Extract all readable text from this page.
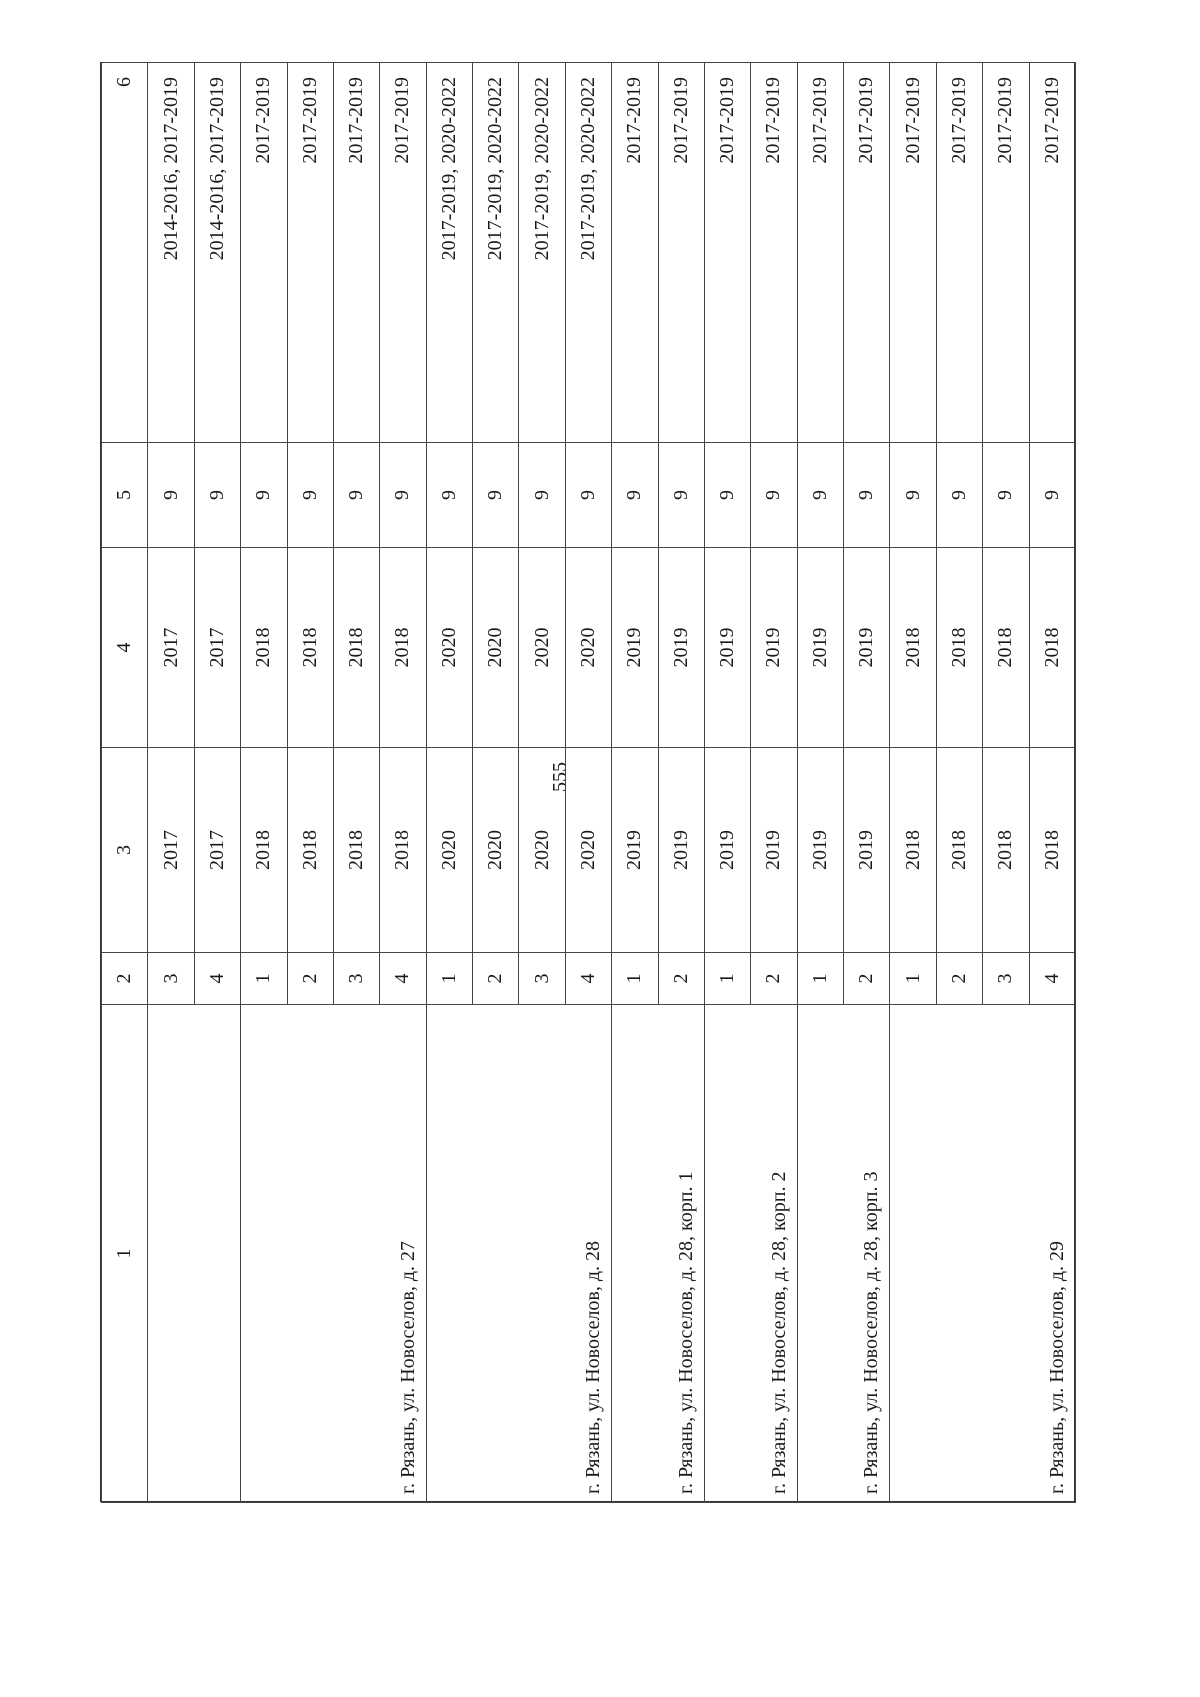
555
1	2	3	4	5	6
	3	2017	2017	9	2014-2016, 2017-2019
	4	2017	2017	9	2014-2016, 2017-2019
г. Рязань, ул. Новоселов, д. 27	1	2018	2018	9	2017-2019
	2	2018	2018	9	2017-2019
	3	2018	2018	9	2017-2019
	4	2018	2018	9	2017-2019
г. Рязань, ул. Новоселов, д. 28	1	2020	2020	9	2017-2019, 2020-2022
	2	2020	2020	9	2017-2019, 2020-2022
	3	2020	2020	9	2017-2019, 2020-2022
	4	2020	2020	9	2017-2019, 2020-2022
г. Рязань, ул. Новоселов, д. 28, корп. 1	1	2019	2019	9	2017-2019
	2	2019	2019	9	2017-2019
г. Рязань, ул. Новоселов, д. 28, корп. 2	1	2019	2019	9	2017-2019
	2	2019	2019	9	2017-2019
г. Рязань, ул. Новоселов, д. 28, корп. 3	1	2019	2019	9	2017-2019
	2	2019	2019	9	2017-2019
г. Рязань, ул. Новоселов, д. 29	1	2018	2018	9	2017-2019
	2	2018	2018	9	2017-2019
	3	2018	2018	9	2017-2019
	4	2018	2018	9	2017-2019
